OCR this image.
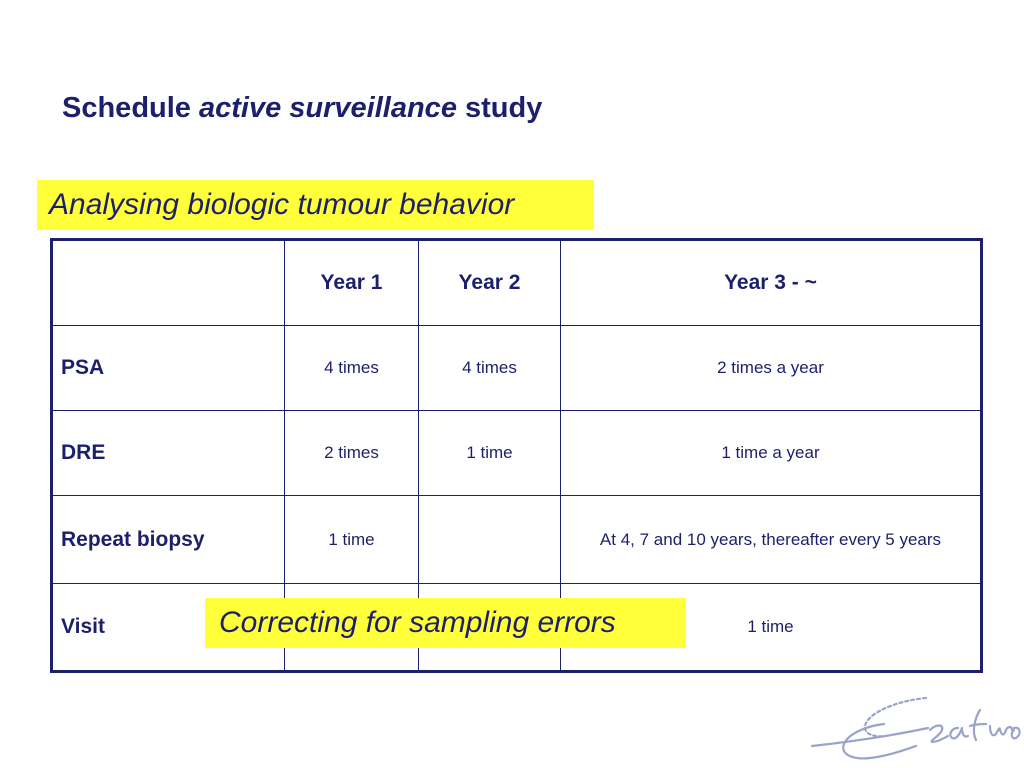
Schedule active surveillance study
Analysing biologic tumour behavior
	Year 1	Year 2	Year 3 - ~
PSA	4 times	4 times	2 times a year
DRE	2 times	1 time	1 time a year
Repeat biopsy	1 time		At 4, 7 and 10 years, thereafter every 5 years
Visit			1 time
Correcting for sampling errors
